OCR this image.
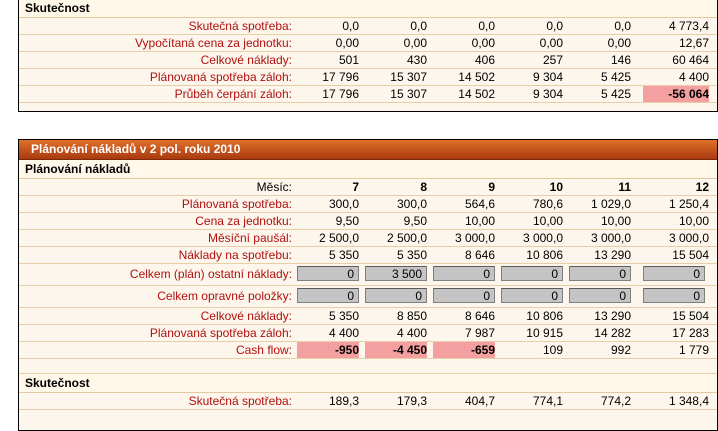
Skutečnost
Skutečná spotřeba:	0,0	0,0	0,0	0,0	0,0	4 773,4
Vypočítaná cena za jednotku:	0,00	0,00	0,00	0,00	0,00	12,67
Celkové náklady:	501	430	406	257	146	60 464
Plánovaná spotřeba záloh:	17 796	15 307	14 502	9 304	5 425	4 400
Průběh čerpání záloh:	17 796	15 307	14 502	9 304	5 425	-56 064
Plánování nákladů v 2 pol. roku 2010
Plánování nákladů
Měsíc:	7	8	9	10	11	12
Plánovaná spotřeba:	300,0	300,0	564,6	780,6	1 029,0	1 250,4
Cena za jednotku:	9,50	9,50	10,00	10,00	10,00	10,00
Měsíční paušál:	2 500,0	2 500,0	3 000,0	3 000,0	3 000,0	3 000,0
Náklady na spotřebu:	5 350	5 350	8 646	10 806	13 290	15 504
Celkem (plán) ostatní náklady:	0	3 500	0	0	0	0
Celkem opravné položky:	0	0	0	0	0	0
Celkové náklady:	5 350	8 850	8 646	10 806	13 290	15 504
Plánovaná spotřeba záloh:	4 400	4 400	7 987	10 915	14 282	17 283
Cash flow:	-950	-4 450	-659	109	992	1 779
Skutečnost
Skutečná spotřeba:	189,3	179,3	404,7	774,1	774,2	1 348,4
